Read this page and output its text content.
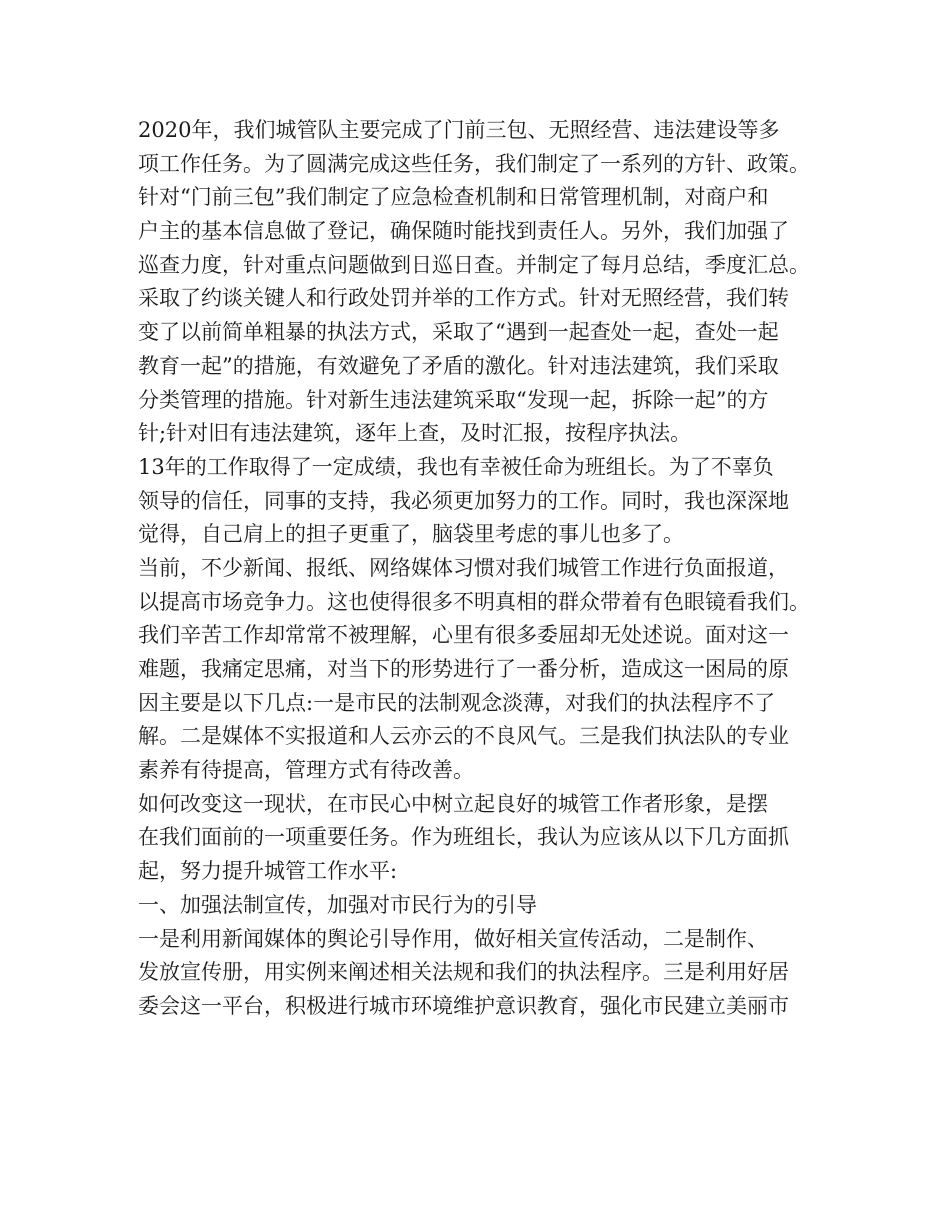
2020年，我们城管队主要完成了门前三包、无照经营、违法建设等多
项工作任务。为了圆满完成这些任务，我们制定了一系列的方针、政策。
针对“门前三包”我们制定了应急检查机制和日常管理机制，对商户和
户主的基本信息做了登记，确保随时能找到责任人。另外，我们加强了
巡查力度，针对重点问题做到日巡日查。并制定了每月总结，季度汇总。
采取了约谈关键人和行政处罚并举的工作方式。针对无照经营，我们转
变了以前简单粗暴的执法方式，采取了“遇到一起查处一起，查处一起
教育一起”的措施，有效避免了矛盾的激化。针对违法建筑，我们采取
分类管理的措施。针对新生违法建筑采取“发现一起，拆除一起”的方
针;针对旧有违法建筑，逐年上查，及时汇报，按程序执法。
13年的工作取得了一定成绩，我也有幸被任命为班组长。为了不辜负
领导的信任，同事的支持，我必须更加努力的工作。同时，我也深深地
觉得，自己肩上的担子更重了，脑袋里考虑的事儿也多了。
当前，不少新闻、报纸、网络媒体习惯对我们城管工作进行负面报道，
以提高市场竞争力。这也使得很多不明真相的群众带着有色眼镜看我们。
我们辛苦工作却常常不被理解，心里有很多委屈却无处述说。面对这一
难题，我痛定思痛，对当下的形势进行了一番分析，造成这一困局的原
因主要是以下几点:一是市民的法制观念淡薄，对我们的执法程序不了
解。二是媒体不实报道和人云亦云的不良风气。三是我们执法队的专业
素养有待提高，管理方式有待改善。
如何改变这一现状，在市民心中树立起良好的城管工作者形象，是摆
在我们面前的一项重要任务。作为班组长，我认为应该从以下几方面抓
起，努力提升城管工作水平:
一、加强法制宣传，加强对市民行为的引导
一是利用新闻媒体的舆论引导作用，做好相关宣传活动，二是制作、
发放宣传册，用实例来阐述相关法规和我们的执法程序。三是利用好居
委会这一平台，积极进行城市环境维护意识教育，强化市民建立美丽市
